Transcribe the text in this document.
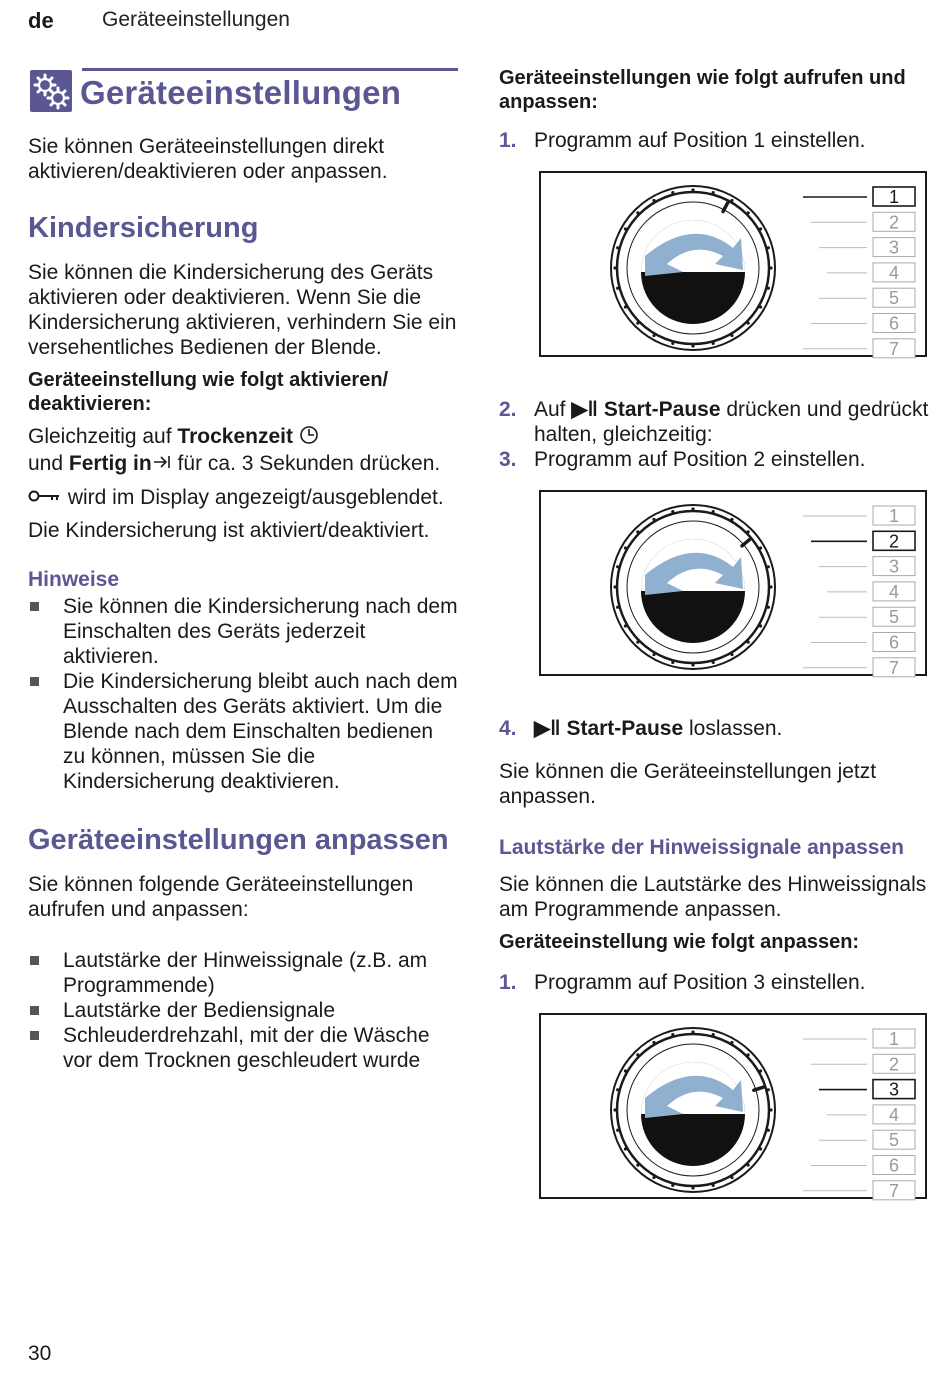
de Geräteeinstellungen
Geräteeinstellungen

Sie können Geräteeinstellungen direkt aktivieren/deaktivieren oder anpassen.

Kindersicherung

Sie können die Kindersicherung des Geräts aktivieren oder deaktivieren. Wenn Sie die Kindersicherung aktivieren, verhindern Sie ein versehentliches Bedienen der Blende.

Geräteeinstellung wie folgt aktivieren/ deaktivieren:

Gleichzeitig auf Trockenzeit
und Fertig in für ca. 3 Sekunden drücken.

wird im Display angezeigt/ausgeblendet.

Die Kindersicherung ist aktiviert/deaktiviert.

Hinweise
Sie können die Kindersicherung nach dem Einschalten des Geräts jederzeit aktivieren.
Die Kindersicherung bleibt auch nach dem Ausschalten des Geräts aktiviert. Um die Blende nach dem Einschalten bedienen zu können, müssen Sie die Kindersicherung deaktivieren.
Geräteeinstellungen anpassen

Sie können folgende Geräteeinstellungen aufrufen und anpassen:

Lautstärke der Hinweissignale (z.B. am Programmende)
Lautstärke der Bediensignale
Schleuderdrehzahl, mit der die Wäsche vor dem Trocknen geschleudert wurde
Geräteeinstellungen wie folgt aufrufen und anpassen:
1. Programm auf Position 1 einstellen.
1
2
3
4
5
6
7
2. Auf ▶‖ Start-Pause drücken und gedrückt halten, gleichzeitig:
3. Programm auf Position 2 einstellen.
1
2
3
4
5
6
7
4. ▶‖ Start-Pause loslassen.

Sie können die Geräteeinstellungen jetzt anpassen.

Lautstärke der Hinweissignale anpassen

Sie können die Lautstärke des Hinweissignals am Programmende anpassen.

Geräteeinstellung wie folgt anpassen:
1. Programm auf Position 3 einstellen.
1
2
3
4
5
6
7
30
